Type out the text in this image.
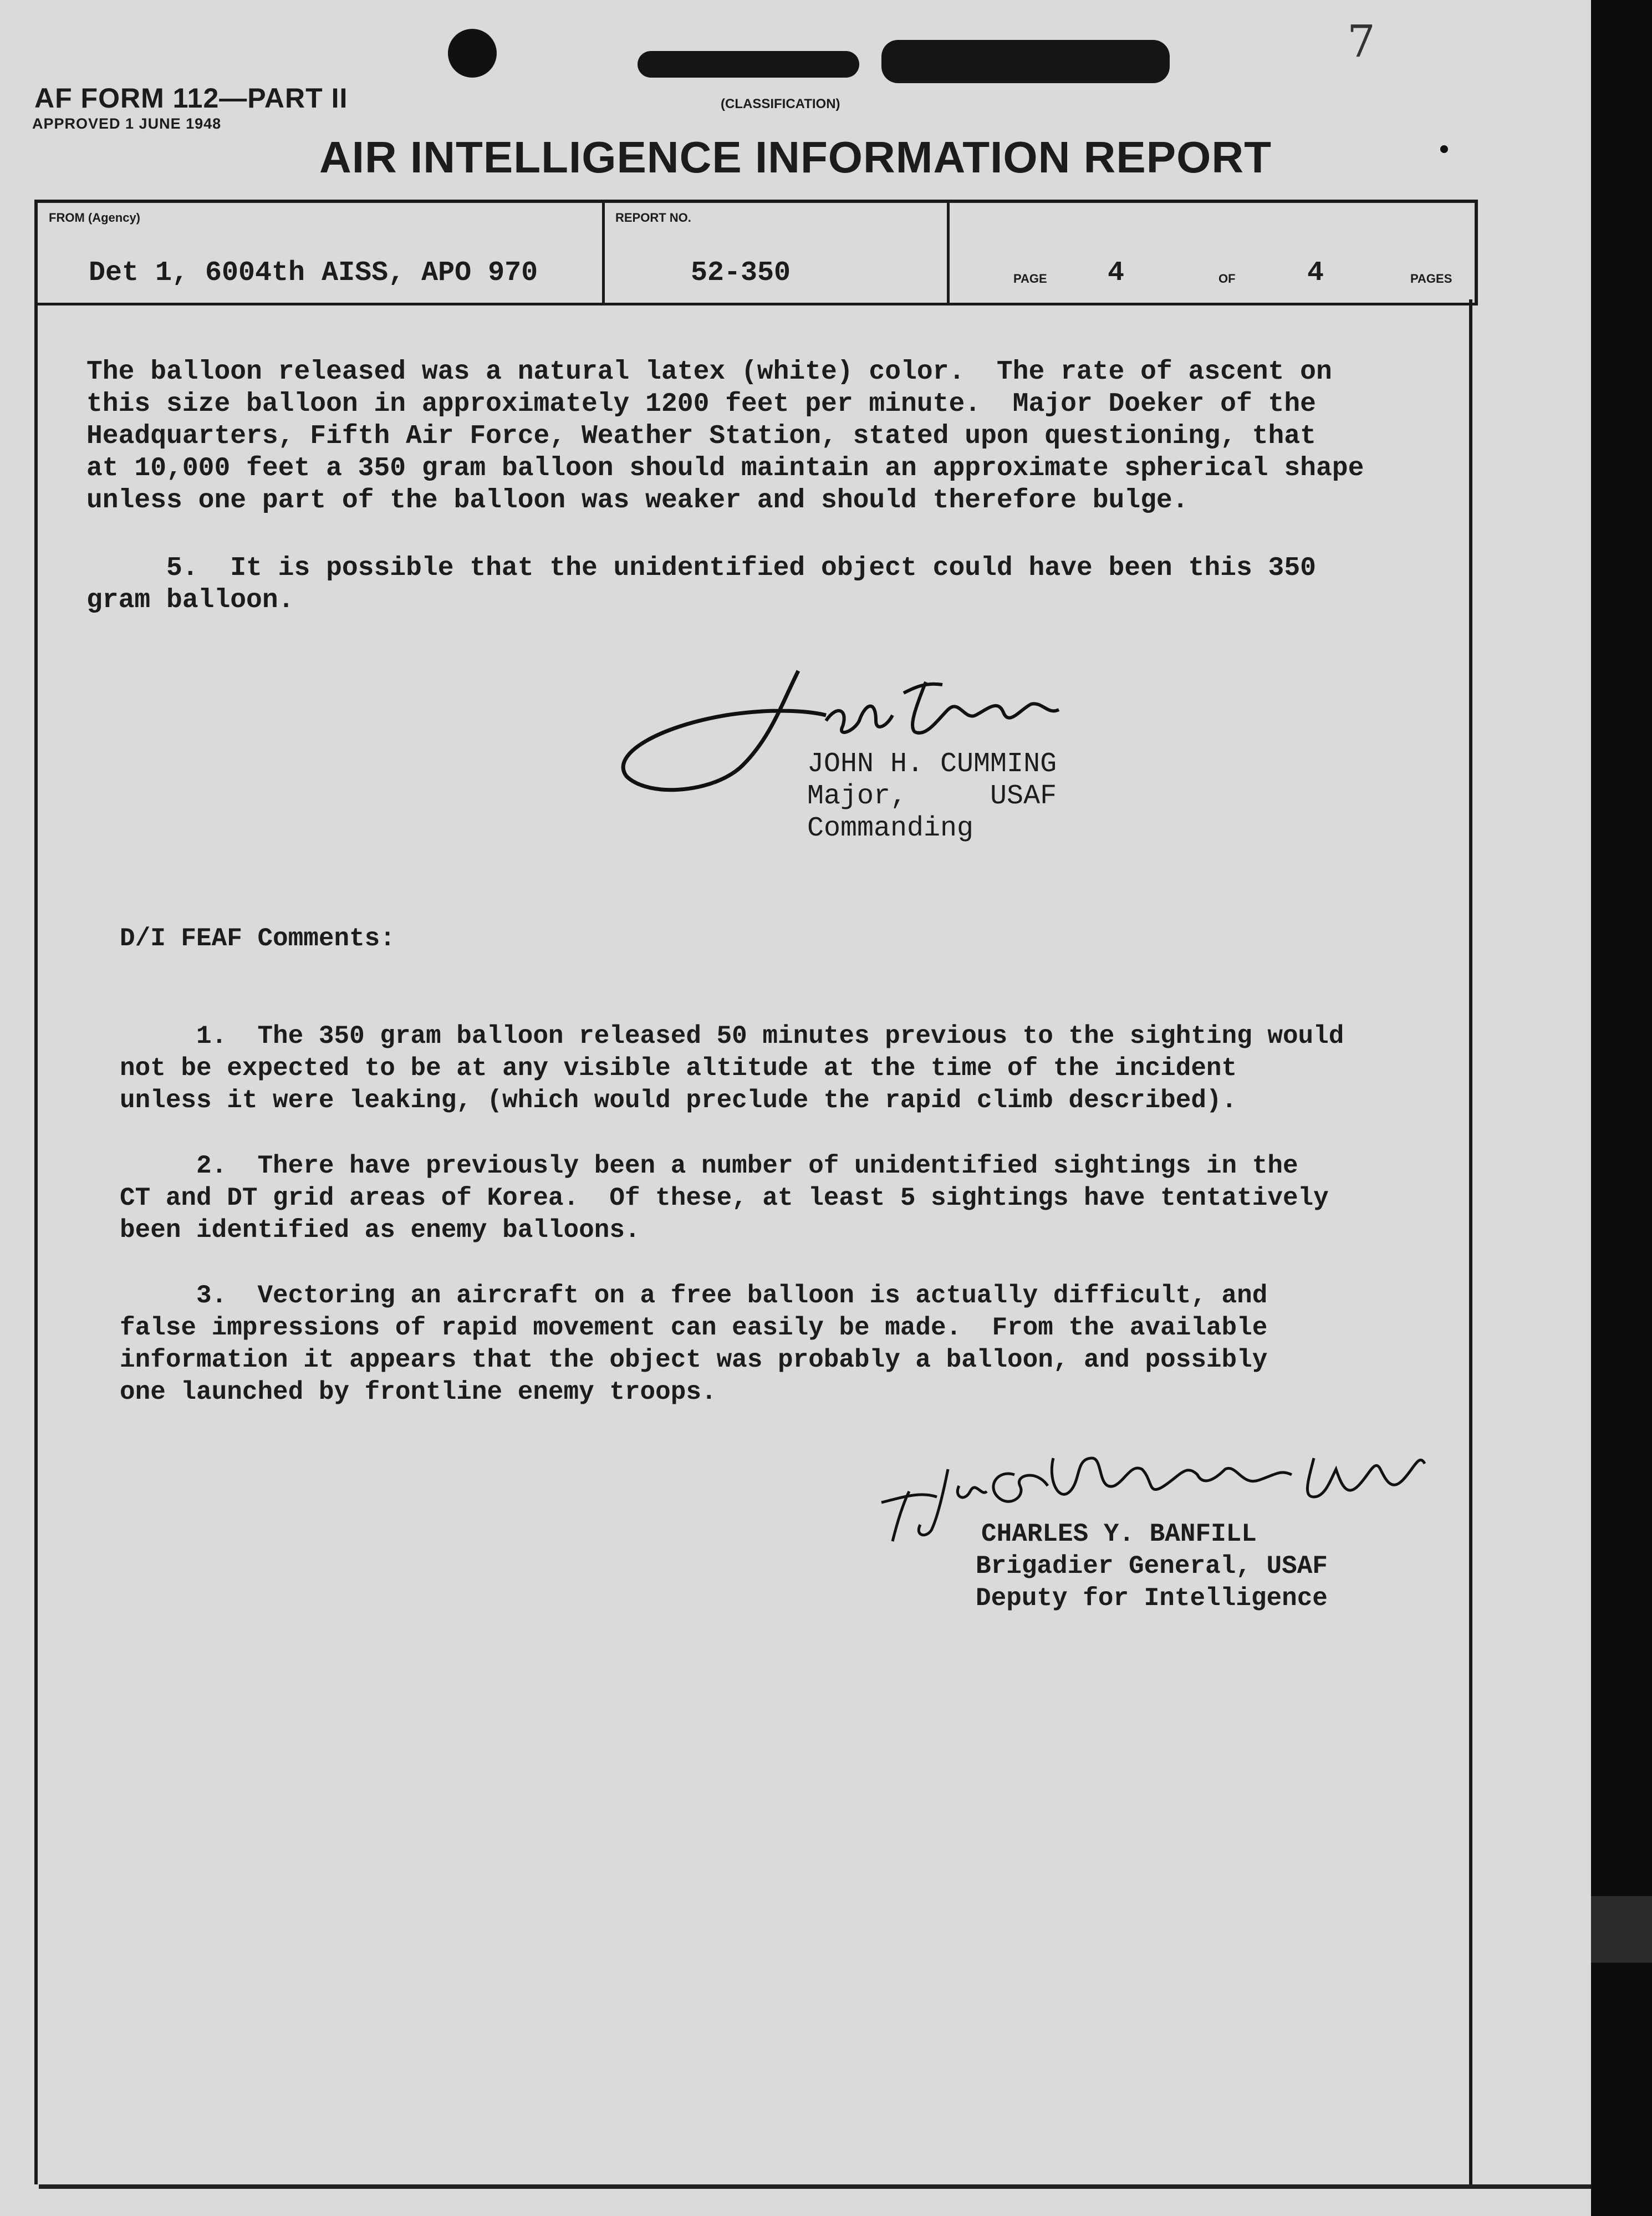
(CLASSIFICATION)
7
AF FORM 112—PART II
APPROVED 1 JUNE 1948
AIR INTELLIGENCE INFORMATION REPORT
FROM (Agency)
Det 1, 6004th AISS, APO 970
REPORT NO.
52-350	PAGE 4	OF	4	PAGES

The balloon released was a natural latex (white) color.  The rate of ascent on
this size balloon in approximately 1200 feet per minute.  Major Doeker of the
Headquarters, Fifth Air Force, Weather Station, stated upon questioning, that
at 10,000 feet a 350 gram balloon should maintain an approximate spherical shape
unless one part of the balloon was weaker and should therefore bulge.

5.  It is possible that the unidentified object could have been this 350
gram balloon.

JOHN H. CUMMING
Major,     USAF
Commanding
D/I FEAF Comments:

1.  The 350 gram balloon released 50 minutes previous to the sighting would
not be expected to be at any visible altitude at the time of the incident
unless it were leaking, (which would preclude the rapid climb described).

2.  There have previously been a number of unidentified sightings in the
CT and DT grid areas of Korea.  Of these, at least 5 sightings have tentatively
been identified as enemy balloons.

3.  Vectoring an aircraft on a free balloon is actually difficult, and
false impressions of rapid movement can easily be made.  From the available
information it appears that the object was probably a balloon, and possibly
one launched by frontline enemy troops.

CHARLES Y. BANFILL
Brigadier General, USAF
Deputy for Intelligence
